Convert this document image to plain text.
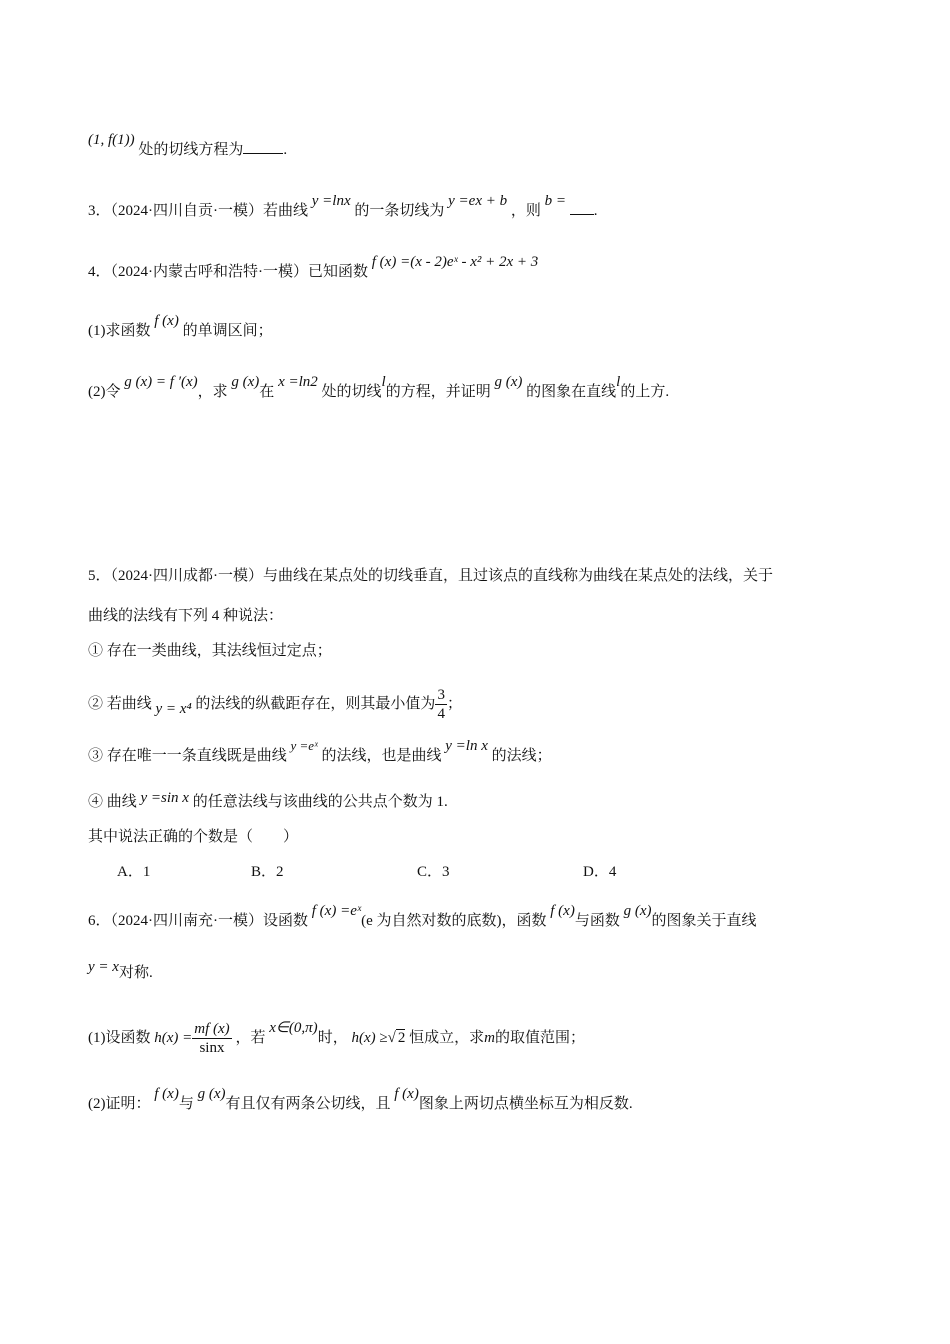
(1, f(1)) 处的切线方程为	.
3．（2024·四川自贡·一模）若曲线 y =lnx 的一条切线为 y =ex + b ，则 b = .
4．（2024·内蒙古呼和浩特·一模）已知函数 f (x) =(x - 2)eˣ - x² + 2x + 3
(1)求函数 f (x) 的单调区间；
(2)令 g (x) = f ′(x)，求 g (x)在 x =ln2 处的切线l的方程，并证明 g (x) 的图象在直线l的上方.
5．（2024·四川成都·一模）与曲线在某点处的切线垂直，且过该点的直线称为曲线在某点处的法线，关于
曲线的法线有下列 4 种说法：
① 存在一类曲线，其法线恒过定点；
② 若曲线 y = x⁴ 的法线的纵截距存在，则其最小值为 $\frac{3}{4}$ ；
③ 存在唯一一条直线既是曲线 y =eˣ 的法线，也是曲线 y =ln x 的法线；
④ 曲线 y =sin x 的任意法线与该曲线的公共点个数为 1.
其中说法正确的个数是（　　）
A．1	B．2	C．3	D．4
6．（2024·四川南充·一模）设函数 f (x) =eˣ(e 为自然对数的底数)，函数 f (x)与函数 g (x)的图象关于直线
y = x对称.
(1)设函数 $h(x) = \frac{mf (x)}{\sin x}$ ，若 x∈(0,π)时， h(x) ≥√ 2 恒成立，求m的取值范围；
(2)证明： f (x)与 g (x)有且仅有两条公切线，且 f (x)图象上两切点横坐标互为相反数.
